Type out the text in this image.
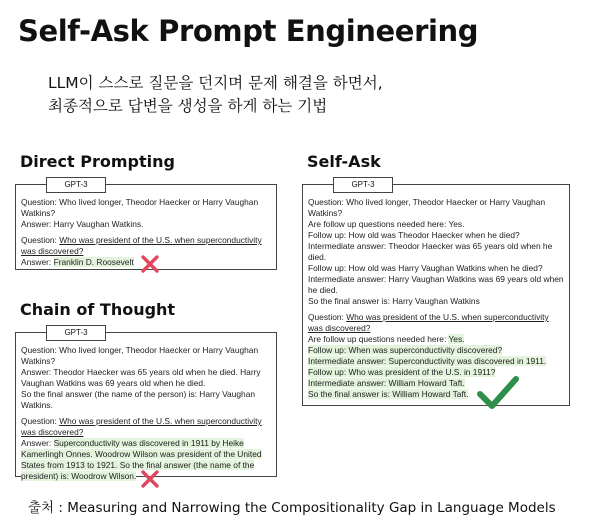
Self-Ask Prompt Engineering
LLM이 스스로 질문을 던지며 문제 해결을 하면서,
최종적으로 답변을 생성을 하게 하는 기법
Direct Prompting
GPT-3

Question: Who lived longer, Theodor Haecker or Harry Vaughan Watkins?
Answer: Harry Vaughan Watkins.

Question: Who was president of the U.S. when superconductivity was discovered?
Answer: Franklin D. Roosevelt

Chain of Thought
GPT-3

Question: Who lived longer, Theodor Haecker or Harry Vaughan Watkins?
Answer: Theodor Haecker was 65 years old when he died. Harry Vaughan Watkins was 69 years old when he died.
So the final answer (the name of the person) is: Harry Vaughan Watkins.

Question: Who was president of the U.S. when superconductivity was discovered?
Answer: Superconductivity was discovered in 1911 by Heike Kamerlingh Onnes. Woodrow Wilson was president of the United States from 1913 to 1921. So the final answer (the name of the president) is: Woodrow Wilson.

Self-Ask
GPT-3

Question: Who lived longer, Theodor Haecker or Harry Vaughan Watkins?
Are follow up questions needed here: Yes.
Follow up: How old was Theodor Haecker when he died?
Intermediate answer: Theodor Haecker was 65 years old when he died.
Follow up: How old was Harry Vaughan Watkins when he died?
Intermediate answer: Harry Vaughan Watkins was 69 years old when he died.
So the final answer is: Harry Vaughan Watkins

Question: Who was president of the U.S. when superconductivity was discovered?
Are follow up questions needed here: Yes.
Follow up: When was superconductivity discovered?
Intermediate answer: Superconductivity was discovered in 1911.
Follow up: Who was president of the U.S. in 1911?
Intermediate answer: William Howard Taft.
So the final answer is: William Howard Taft.

출처 : Measuring and Narrowing the Compositionality Gap in Language Models
